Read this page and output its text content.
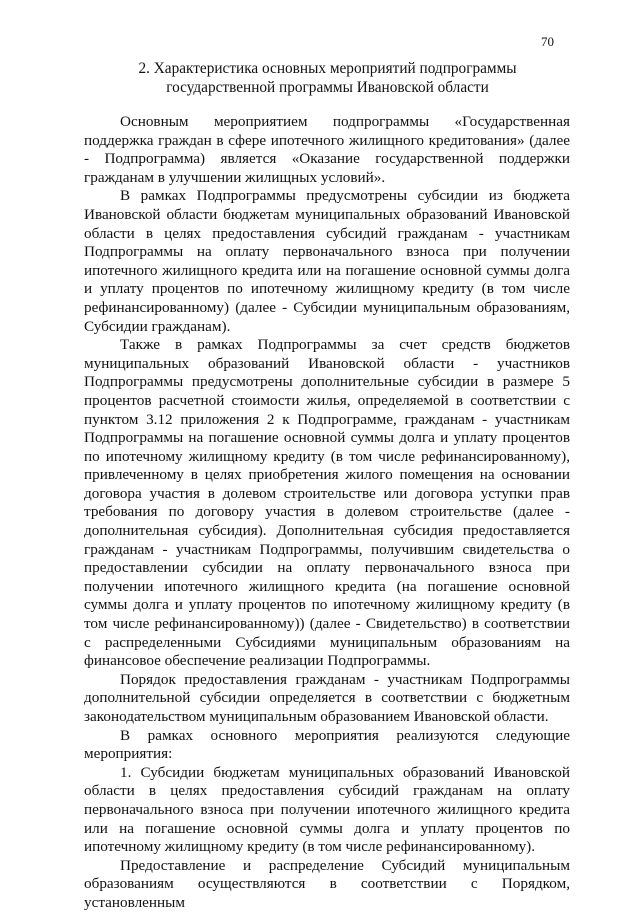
70
2. Характеристика основных мероприятий подпрограммы
государственной программы Ивановской области

Основным мероприятием подпрограммы «Государственная поддержка граждан в сфере ипотечного жилищного кредитования» (далее - Подпрограмма) является «Оказание государственной поддержки гражданам в улучшении жилищных условий».

В рамках Подпрограммы предусмотрены субсидии из бюджета Ивановской области бюджетам муниципальных образований Ивановской области в целях предоставления субсидий гражданам - участникам Подпрограммы на оплату первоначального взноса при получении ипотечного жилищного кредита или на погашение основной суммы долга и уплату процентов по ипотечному жилищному кредиту (в том числе рефинансированному) (далее - Субсидии муниципальным образованиям, Субсидии гражданам).

Также в рамках Подпрограммы за счет средств бюджетов муниципальных образований Ивановской области - участников Подпрограммы предусмотрены дополнительные субсидии в размере 5 процентов расчетной стоимости жилья, определяемой в соответствии с пунктом 3.12 приложения 2 к Подпрограмме, гражданам - участникам Подпрограммы на погашение основной суммы долга и уплату процентов по ипотечному жилищному кредиту (в том числе рефинансированному), привлеченному в целях приобретения жилого помещения на основании договора участия в долевом строительстве или договора уступки прав требования по договору участия в долевом строительстве (далее - дополнительная субсидия). Дополнительная субсидия предоставляется гражданам - участникам Подпрограммы, получившим свидетельства о предоставлении субсидии на оплату первоначального взноса при получении ипотечного жилищного кредита (на погашение основной суммы долга и уплату процентов по ипотечному жилищному кредиту (в том числе рефинансированному)) (далее - Свидетельство) в соответствии с распределенными Субсидиями муниципальным образованиям на финансовое обеспечение реализации Подпрограммы.

Порядок предоставления гражданам - участникам Подпрограммы дополнительной субсидии определяется в соответствии с бюджетным законодательством муниципальным образованием Ивановской области.

В рамках основного мероприятия реализуются следующие мероприятия:

1. Субсидии бюджетам муниципальных образований Ивановской области в целях предоставления субсидий гражданам на оплату первоначального взноса при получении ипотечного жилищного кредита или на погашение основной суммы долга и уплату процентов по ипотечному жилищному кредиту (в том числе рефинансированному).

Предоставление и распределение Субсидий муниципальным образованиям осуществляются в соответствии с Порядком, установленным
